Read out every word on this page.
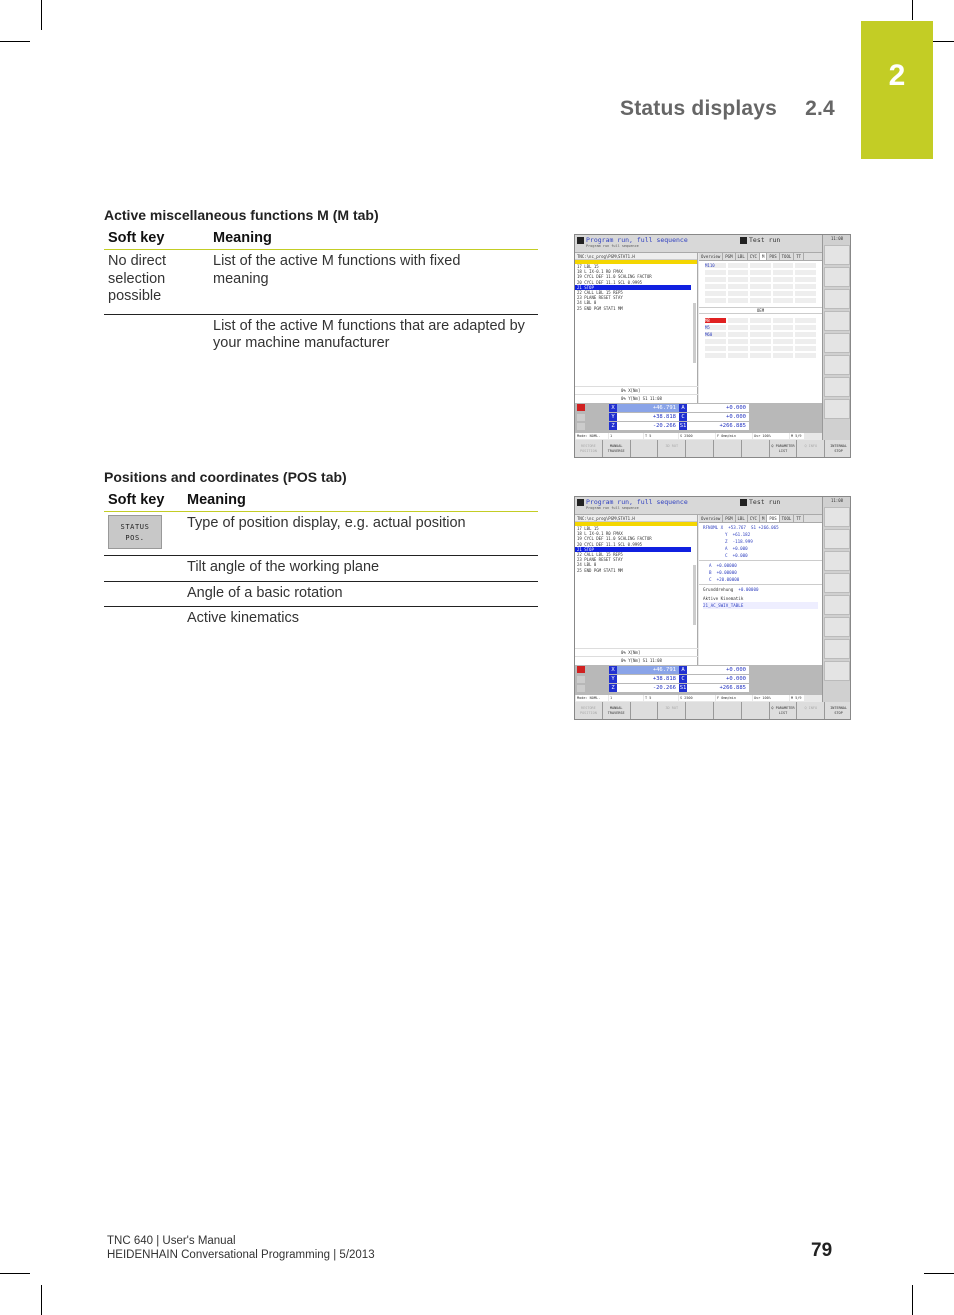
2
Status displays 2.4
Active miscellaneous functions M (M tab)
Soft key	Meaning
No direct selection possible	List of the active M functions with fixed meaning
	List of the active M functions that are adapted by your machine manufacturer
Positions and coordinates (POS tab)
Soft key	Meaning

STATUS
POS.	Type of position display, e.g. actual position
	Tilt angle of the working plane
	Angle of a basic rotation
	Active kinematics
Program run, full sequence
Program run full sequence
Test run
TNC:\nc_prog\PGM\STAT1.H
17 LBL 15
18 L IX-0.1 R0 FMAX
19 CYCL DEF 11.0 SCALING FACTOR
20 CYCL DEF 11.1 SCL 0.9995
21 STOP
22 CALL LBL 15 REP5
23 PLANE RESET STAY
24 LBL 0
25 END PGM STAT1 MM
0% X[Nm]
0% Y[Nm] S1 11:08
Overview	PGM	LBL	CYC	M	POS	TOOL	TT
M110
OEM
M8
M5
M60
X	+46.791 A	+0.000
Y	+38.818 C	+0.000
Z	-20.266 S1	+266.885
Mode: NOML.	1	T 5	S 2500	F 0mm/min	Ovr 100%	M 5/9
RESTORE POSITION
MANUAL TRAVERSE
3D ROT	Q PARAMETER LIST
Q INFO	INTERNAL STOP
11:08
Program run, full sequence
Program run full sequence
Test run
TNC:\nc_prog\PGM\STAT1.H
17 LBL 15
18 L IX-0.1 R0 FMAX
19 CYCL DEF 11.0 SCALING FACTOR
20 CYCL DEF 11.1 SCL 0.9995
21 STOP
22 CALL LBL 15 REP5
23 PLANE RESET STAY
24 LBL 0
25 END PGM STAT1 MM
0% X[Nm]
0% Y[Nm] S1 11:08
Overview	PGM	LBL	CYC	M	POS	TOOL	TT
RFNOML X +53.767 S1 +266.065
Y +61.182
Z -118.999
A +0.000
C +0.000
A +0.00000
B +0.00000
C +20.00000
Grunddrehung +0.00000
Aktive Kinematik
21_AC_SWIV_TABLE
X	+46.791 A	+0.000
Y	+38.818 C	+0.000
Z	-20.266 S1	+266.885
Mode: NOML.	1	T 5	S 2500	F 0mm/min	Ovr 100%	M 5/9
RESTORE POSITION
MANUAL TRAVERSE
3D ROT	Q PARAMETER LIST
Q INFO	INTERNAL STOP
11:08
TNC 640 | User's Manual
HEIDENHAIN Conversational Programming | 5/2013	79
